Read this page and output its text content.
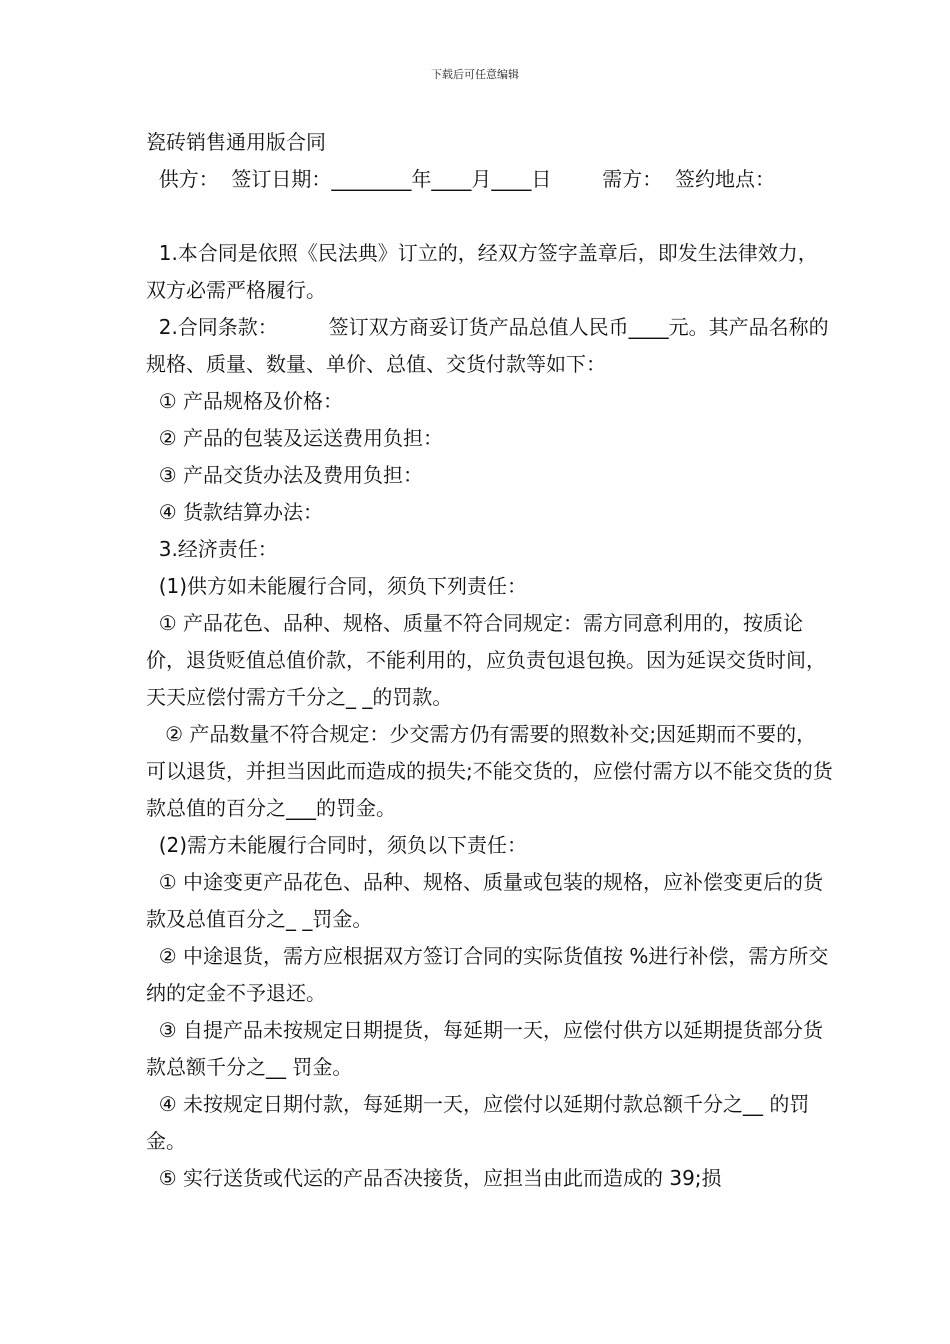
下载后可任意编辑

瓷砖销售通用版合同

供方：  签订日期：________年____月____日        需方：  签约地点：

1.本合同是依照《民法典》订立的，经双方签字盖章后，即发生法律效力，双方必需严格履行。

2.合同条款：        签订双方商妥订货产品总值人民币____元。其产品名称的规格、质量、数量、单价、总值、交货付款等如下：

① 产品规格及价格：

② 产品的包装及运送费用负担：

③ 产品交货办法及费用负担：

④ 货款结算办法：

3.经济责任：

(1)供方如未能履行合同，须负下列责任：

① 产品花色、品种、规格、质量不符合同规定：需方同意利用的，按质论价，退货贬值总值价款，不能利用的，应负责包退包换。因为延误交货时间，天天应偿付需方千分之_ _的罚款。

② 产品数量不符合规定：少交需方仍有需要的照数补交;因延期而不要的，可以退货，并担当因此而造成的损失;不能交货的，应偿付需方以不能交货的货款总值的百分之___的罚金。

(2)需方未能履行合同时，须负以下责任：

① 中途变更产品花色、品种、规格、质量或包装的规格，应补偿变更后的货款及总值百分之_ _罚金。

② 中途退货，需方应根据双方签订合同的实际货值按 %进行补偿，需方所交纳的定金不予退还。

③ 自提产品未按规定日期提货，每延期一天，应偿付供方以延期提货部分货款总额千分之__ 罚金。

④ 未按规定日期付款，每延期一天，应偿付以延期付款总额千分之__ 的罚金。

⑤ 实行送货或代运的产品否决接货，应担当由此而造成的 39;损
